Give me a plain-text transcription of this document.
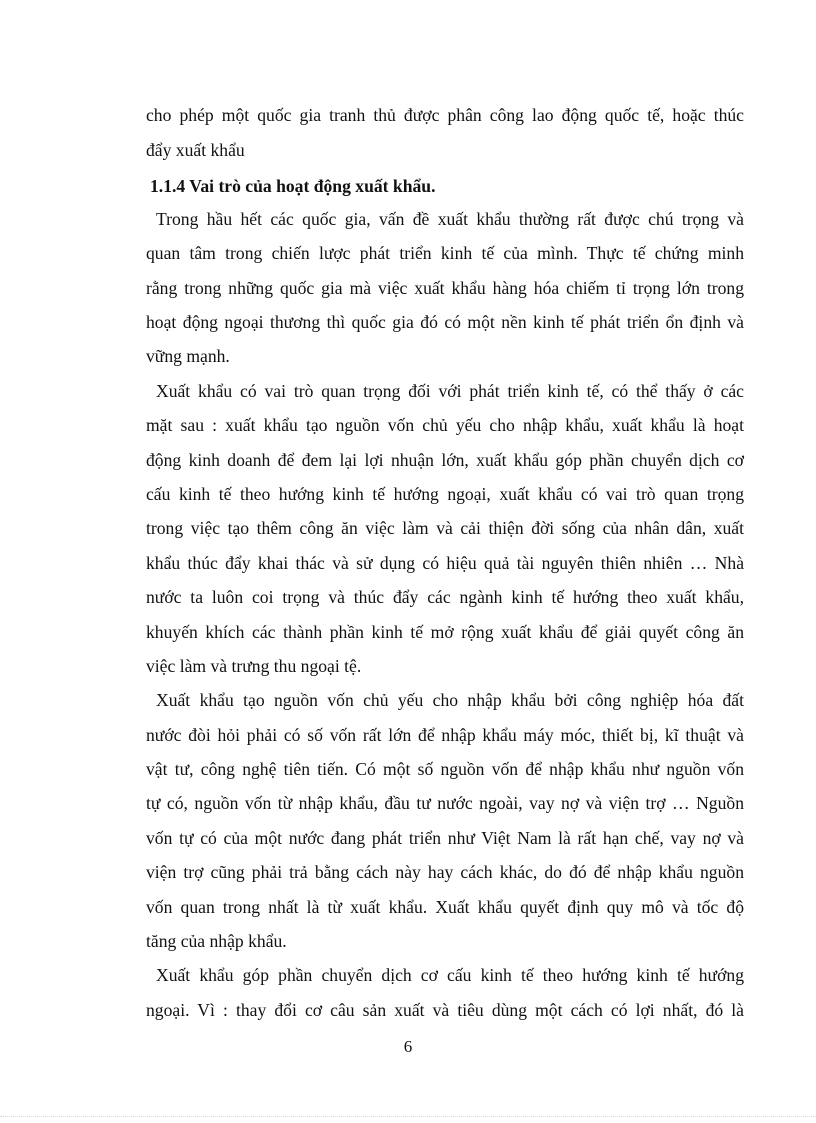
cho phép một quốc gia tranh thủ được phân công lao động quốc tế, hoặc thúc
đẩy xuất khẩu
1.1.4 Vai trò của hoạt động xuất khẩu.
Trong hầu hết các quốc gia, vấn đề xuất khẩu thường rất được chú trọng và
quan tâm trong chiến lược phát triển kinh tế của mình. Thực tế chứng minh
rằng trong những quốc gia mà việc xuất khẩu hàng hóa chiếm tỉ trọng lớn trong
hoạt động ngoại thương thì quốc gia đó có một nền kinh tế phát triển ổn định và
vững mạnh.
Xuất khẩu có vai trò quan trọng đối với phát triển kinh tế, có thể thấy ở các
mặt sau : xuất khẩu tạo nguồn vốn chủ yếu cho nhập khẩu, xuất khẩu là hoạt
động kinh doanh để đem lại lợi nhuận lớn, xuất khẩu góp phần chuyển dịch cơ
cấu kinh tế theo hướng kinh tế hướng ngoại, xuất khẩu có vai trò quan trọng
trong việc tạo thêm công ăn việc làm và cải thiện đời sống của nhân dân, xuất
khẩu thúc đẩy khai thác và sử dụng có hiệu quả tài nguyên thiên nhiên … Nhà
nước ta luôn coi trọng và thúc đẩy các ngành kinh tế hướng theo xuất khẩu,
khuyến khích các thành phần kinh tế mở rộng xuất khẩu để giải quyết công ăn
việc làm và trưng thu ngoại tệ.
Xuất khẩu tạo nguồn vốn chủ yếu cho nhập khẩu bởi công nghiệp hóa đất
nước đòi hỏi phải có số vốn rất lớn để nhập khẩu máy móc, thiết bị, kĩ thuật và
vật tư, công nghệ tiên tiến. Có một số nguồn vốn để nhập khẩu như nguồn vốn
tự có, nguồn vốn từ nhập khẩu, đầu tư nước ngoài, vay nợ và viện trợ … Nguồn
vốn tự có của một nước đang phát triển như Việt Nam là rất hạn chế, vay nợ và
viện trợ cũng phải trả bằng cách này hay cách khác, do đó để nhập khẩu nguồn
vốn quan trong nhất là từ xuất khẩu. Xuất khẩu quyết định quy mô và tốc độ
tăng của nhập khẩu.
Xuất khẩu góp phần chuyển dịch cơ cấu kinh tế theo hướng kinh tế hướng
ngoại. Vì : thay đổi cơ câu sản xuất và tiêu dùng một cách có lợi nhất, đó là
6
